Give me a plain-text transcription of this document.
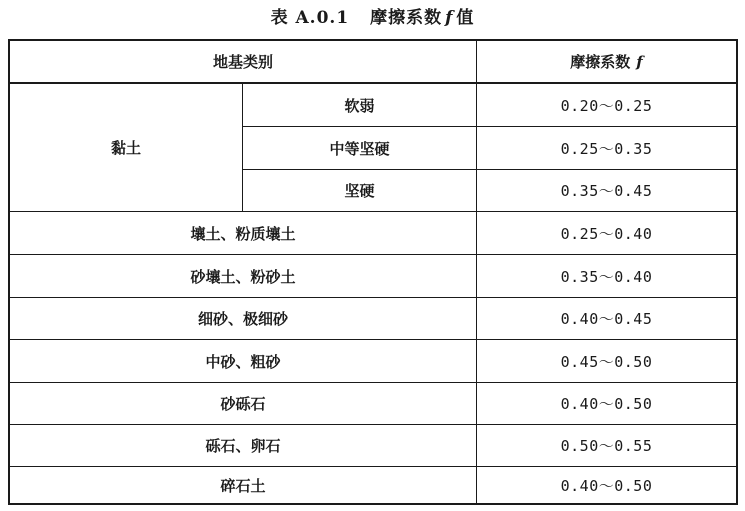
表 A.0.1 摩擦系数 f 值
地基类别	摩擦系数 f
黏土
软弱	0.20～0.25
中等坚硬	0.25～0.35
坚硬	0.35～0.45
壤土、粉质壤土	0.25～0.40
砂壤土、粉砂土	0.35～0.40
细砂、极细砂	0.40～0.45
中砂、粗砂	0.45～0.50
砂砾石	0.40～0.50
砾石、卵石	0.50～0.55
碎石土	0.40～0.50
